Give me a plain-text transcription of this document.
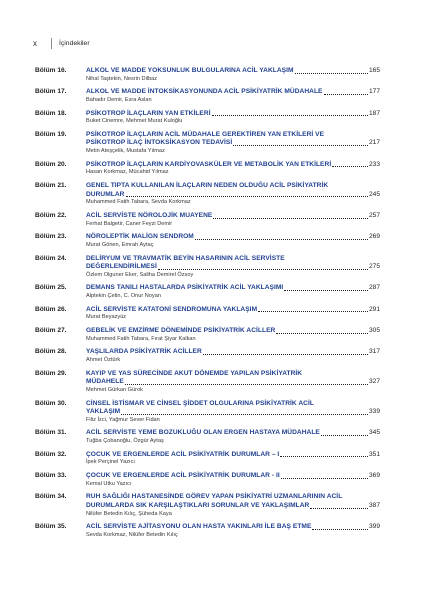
x	İçindekiler
Bölüm 16.	ALKOL VE MADDE YOKSUNLUK BULGULARINA ACİL YAKLAŞIM	165
Nihal Taştekin, Nesrin Dilbaz
Bölüm 17.	ALKOL VE MADDE İNTOKSİKASYONUNDA ACİL PSİKİYATRİK MÜDAHALE	177
Bahadır Demir, Esra Aslan
Bölüm 18.	PSİKOTROP İLAÇLARIN YAN ETKİLERİ	187
Buket Cinemre, Mehmet Murat Kuloğlu
Bölüm 19.	PSİKOTROP İLAÇLARIN ACİL MÜDAHALE GEREKTİREN YAN ETKİLERİ VE
PSİKOTROP İLAÇ İNTOKSİKASYON TEDAVİSİ	217
Metin Ateşçelik, Mustafa Yılmaz
Bölüm 20.	PSİKOTROP İLAÇLARIN KARDİYOVASKÜLER VE METABOLİK YAN ETKİLERİ	233
Hasan Korkmaz, Mücahid Yılmaz
Bölüm 21.	GENEL TIPTA KULLANILAN İLAÇLARIN NEDEN OLDUĞU ACİL PSİKİYATRİK
DURUMLAR	245
Muhammed Fatih Tabara, Sevda Korkmaz
Bölüm 22.	ACİL SERVİSTE NÖROLOJİK MUAYENE	257
Ferhat Balgetir, Caner Feyzi Demir
Bölüm 23.	NÖROLEPTİK MALİGN SENDROM	269
Murat Gönen, Emrah Aytaç
Bölüm 24.	DELİRYUM VE TRAVMATİK BEYİN HASARININ ACİL SERVİSTE
DEĞERLENDİRİLMESİ	275
Özlem Olguner Eker, Saliha Demirel Özsoy
Bölüm 25.	DEMANS TANILI HASTALARDA PSİKİYATRİK ACİL YAKLAŞIMI	287
Alptekin Çetin, C. Onur Noyan
Bölüm 26.	ACİL SERVİSTE KATATONİ SENDROMUNA YAKLAŞIM	291
Murat Beyazyüz
Bölüm 27.	GEBELİK VE EMZİRME DÖNEMİNDE PSİKİYATRİK ACİLLER	305
Muhammed Fatih Tabara, Fırat Şiyar Kalkan
Bölüm 28.	YAŞLILARDA PSİKİYATRİK ACİLLER	317
Ahmet Öztürk
Bölüm 29.	KAYIP VE YAS SÜRECİNDE AKUT DÖNEMDE YAPILAN PSİKİYATRİK
MÜDAHELE	327
Mehmet Gürkan Gürok
Bölüm 30.	CİNSEL İSTİSMAR VE CİNSEL ŞİDDET OLGULARINA PSİKİYATRİK ACİL
YAKLAŞIM	339
Filiz İzci, Yağmur Sever Fidan
Bölüm 31.	ACİL SERVİSTE YEME BOZUKLUĞU OLAN ERGEN HASTAYA MÜDAHALE	345
Tuğba Çobanoğlu, Özgür Aytaş
Bölüm 32.	ÇOCUK VE ERGENLERDE ACİL PSİKİYATRİK DURUMLAR – I	351
İpek Perçinel Yazıcı
Bölüm 33.	ÇOCUK VE ERGENLERDE ACİL PSİKİYATRİK DURUMLAR - II	369
Kemal Utku Yazıcı
Bölüm 34.	RUH SAĞLIĞI HASTANESİNDE GÖREV YAPAN PSİKİYATRİ UZMANLARININ ACİL
DURUMLARDA SIK KARŞILAŞTIKLARI SORUNLAR VE YAKLAŞIMLAR	387
Nilüfer Betedin Kılıç, Şüheda Kaya
Bölüm 35.	ACİL SERVİSTE AJİTASYONU OLAN HASTA YAKINLARI İLE BAŞ ETME	399
Sevda Korkmaz, Nilüfer Betedin Kılıç
